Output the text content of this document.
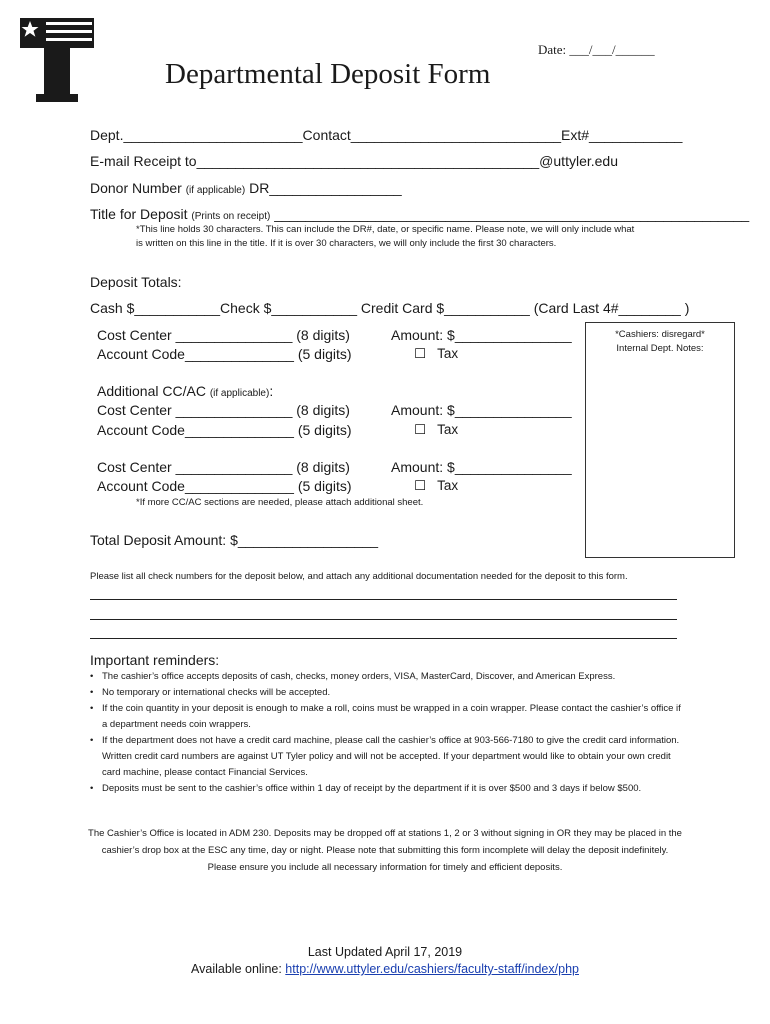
Date: ___/___/______
Departmental Deposit Form
Dept._______________________Contact___________________________Ext#____________
E-mail Receipt to____________________________________________@uttyler.edu
Donor Number (if applicable) DR_________________
Title for Deposit (Prints on receipt) _____________________________________________________________
*This line holds 30 characters. This can include the DR#, date, or specific name. Please note, we will only include what
is written on this line in the title. If it is over 30 characters, we will only include the first 30 characters.
Deposit Totals:
Cash $___________Check $___________ Credit Card $___________ (Card Last 4#________ )
Cost Center _______________ (8 digits)
Account Code______________ (5 digits)
Amount: $_______________
☐   Tax
Additional CC/AC (if applicable):
Cost Center _______________ (8 digits)
Account Code______________ (5 digits)
Amount: $_______________
☐   Tax
Cost Center _______________ (8 digits)
Account Code______________ (5 digits)
Amount: $_______________
☐   Tax
*If more CC/AC sections are needed, please attach additional sheet.
*Cashiers: disregard*
Internal Dept. Notes:
Total Deposit Amount: $__________________
Please list all check numbers for the deposit below, and attach any additional documentation needed for the deposit to this form.
Important reminders:
• The cashier’s office accepts deposits of cash, checks, money orders, VISA, MasterCard, Discover, and American Express.
• No temporary or international checks will be accepted.
• If the coin quantity in your deposit is enough to make a roll, coins must be wrapped in a coin wrapper. Please contact the cashier’s office if a department needs coin wrappers.
• If the department does not have a credit card machine, please call the cashier’s office at 903-566-7180 to give the credit card information. Written credit card numbers are against UT Tyler policy and will not be accepted. If your department would like to obtain your own credit card machine, please contact Financial Services.
• Deposits must be sent to the cashier’s office within 1 day of receipt by the department if it is over $500 and 3 days if below $500.
The Cashier’s Office is located in ADM 230. Deposits may be dropped off at stations 1, 2 or 3 without signing in OR they may be placed in the cashier’s drop box at the ESC any time, day or night. Please note that submitting this form incomplete will delay the deposit indefinitely. Please ensure you include all necessary information for timely and efficient deposits.
Last Updated April 17, 2019
Available online: http://www.uttyler.edu/cashiers/faculty-staff/index/php
